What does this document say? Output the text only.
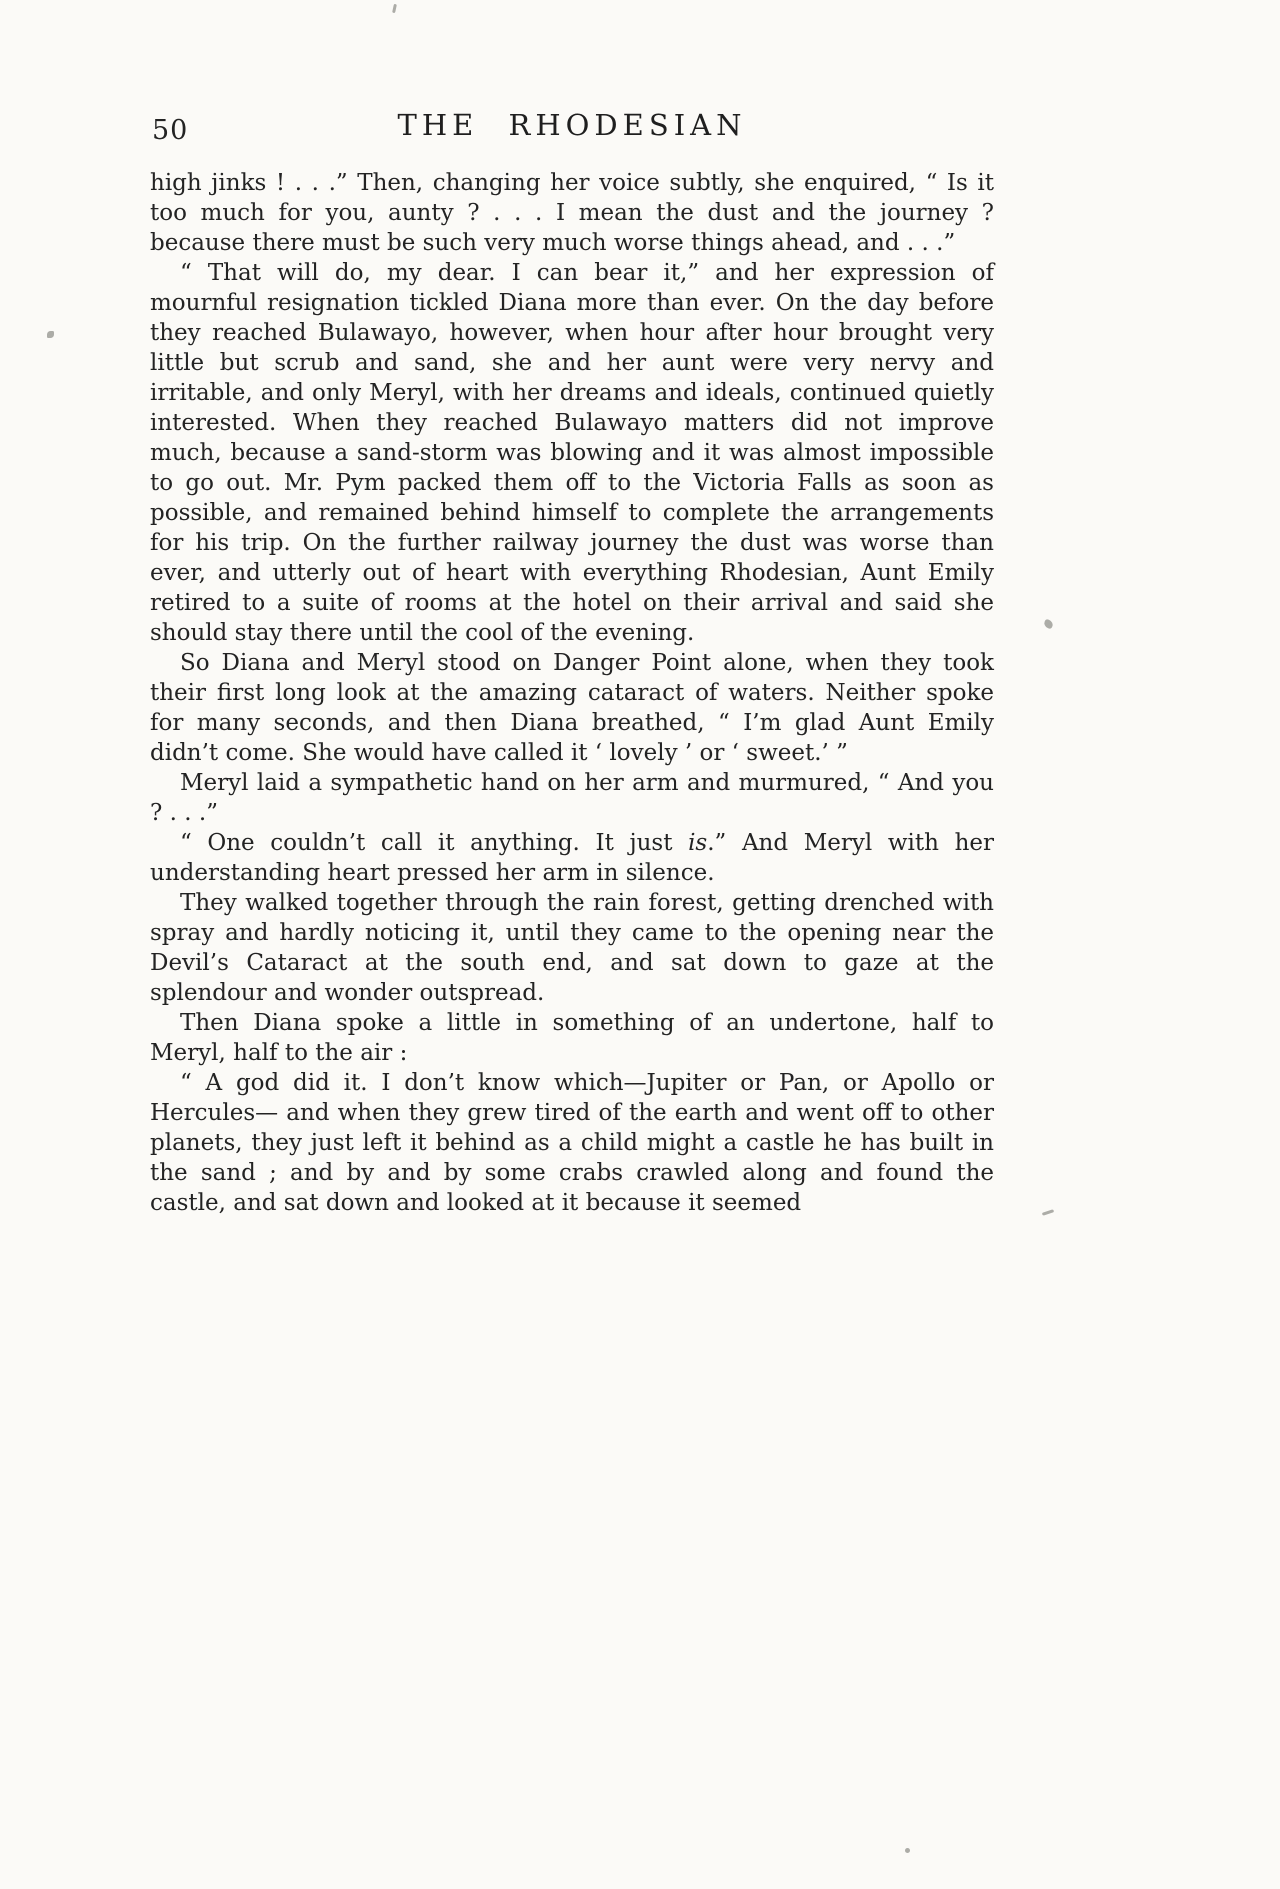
50	THE RHODESIAN

high jinks ! . . .” Then, changing her voice subtly, she enquired, “ Is it too much for you, aunty ? . . . I mean the dust and the journey ? because there must be such very much worse things ahead, and . . .”

“ That will do, my dear. I can bear it,” and her expression of mournful resignation tickled Diana more than ever. On the day before they reached Bulawayo, however, when hour after hour brought very little but scrub and sand, she and her aunt were very nervy and irritable, and only Meryl, with her dreams and ideals, continued quietly interested. When they reached Bulawayo matters did not improve much, because a sand-storm was blowing and it was almost impossible to go out. Mr. Pym packed them off to the Victoria Falls as soon as possible, and remained behind himself to complete the arrangements for his trip. On the further railway journey the dust was worse than ever, and utterly out of heart with everything Rhodesian, Aunt Emily retired to a suite of rooms at the hotel on their arrival and said she should stay there until the cool of the evening.

So Diana and Meryl stood on Danger Point alone, when they took their first long look at the amazing cataract of waters. Neither spoke for many seconds, and then Diana breathed, “ I’m glad Aunt Emily didn’t come. She would have called it ‘ lovely ’ or ‘ sweet.’ ”

Meryl laid a sympathetic hand on her arm and murmured, “ And you ? . . .”

“ One couldn’t call it anything. It just is.” And Meryl with her understanding heart pressed her arm in silence.

They walked together through the rain forest, getting drenched with spray and hardly noticing it, until they came to the opening near the Devil’s Cataract at the south end, and sat down to gaze at the splendour and wonder outspread.

Then Diana spoke a little in something of an undertone, half to Meryl, half to the air :

“ A god did it. I don’t know which—Jupiter or Pan, or Apollo or Hercules— and when they grew tired of the earth and went off to other planets, they just left it behind as a child might a castle he has built in the sand ; and by and by some crabs crawled along and found the castle, and sat down and looked at it because it seemed
